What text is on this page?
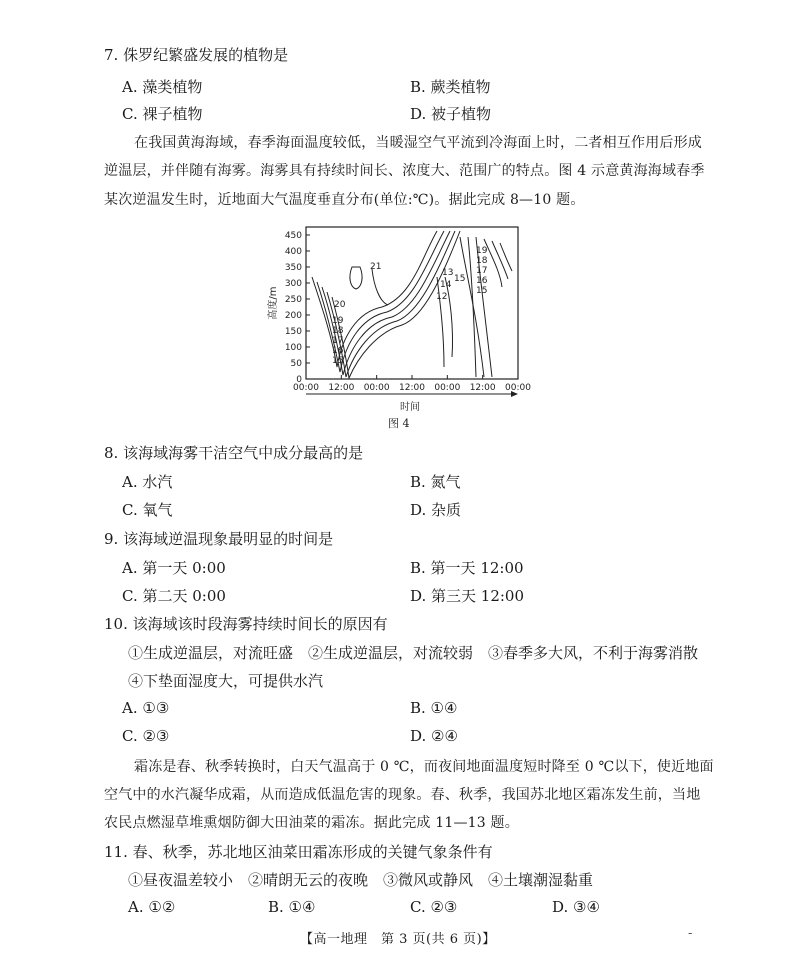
7. 侏罗纪繁盛发展的植物是
A. 藻类植物	B. 蕨类植物
C. 裸子植物	D. 被子植物
在我国黄海海域，春季海面温度较低，当暖湿空气平流到冷海面上时，二者相互作用后形成
逆温层，并伴随有海雾。海雾具有持续时间长、浓度大、范围广的特点。图 4 示意黄海海域春季
某次逆温发生时，近地面大气温度垂直分布(单位:℃)。据此完成 8—10 题。
高度/m
0
50
100
150
200
250
300
350
400
450
00:00 12:00 00:00 12:00 00:00 12:00 00:00
时间
21
20
19
18
17
16
15
19
18
17
16
15
13
14
12
15
图 4
8. 该海域海雾干洁空气中成分最高的是
A. 水汽	B. 氮气
C. 氧气	D. 杂质
9. 该海域逆温现象最明显的时间是
A. 第一天 0:00	B. 第一天 12:00
C. 第二天 0:00	D. 第三天 12:00
10. 该海域该时段海雾持续时间长的原因有
①生成逆温层，对流旺盛　②生成逆温层，对流较弱　③春季多大风，不利于海雾消散
④下垫面湿度大，可提供水汽
A. ①③	B. ①④
C. ②③	D. ②④
霜冻是春、秋季转换时，白天气温高于 0 ℃，而夜间地面温度短时降至 0 ℃以下，使近地面
空气中的水汽凝华成霜，从而造成低温危害的现象。春、秋季，我国苏北地区霜冻发生前，当地
农民点燃湿草堆熏烟防御大田油菜的霜冻。据此完成 11—13 题。
11. 春、秋季，苏北地区油菜田霜冻形成的关键气象条件有
①昼夜温差较小　②晴朗无云的夜晚　③微风或静风　④土壤潮湿黏重
A. ①②	B. ①④	C. ②③	D. ③④
【高一地理　第 3 页(共 6 页)】	-
